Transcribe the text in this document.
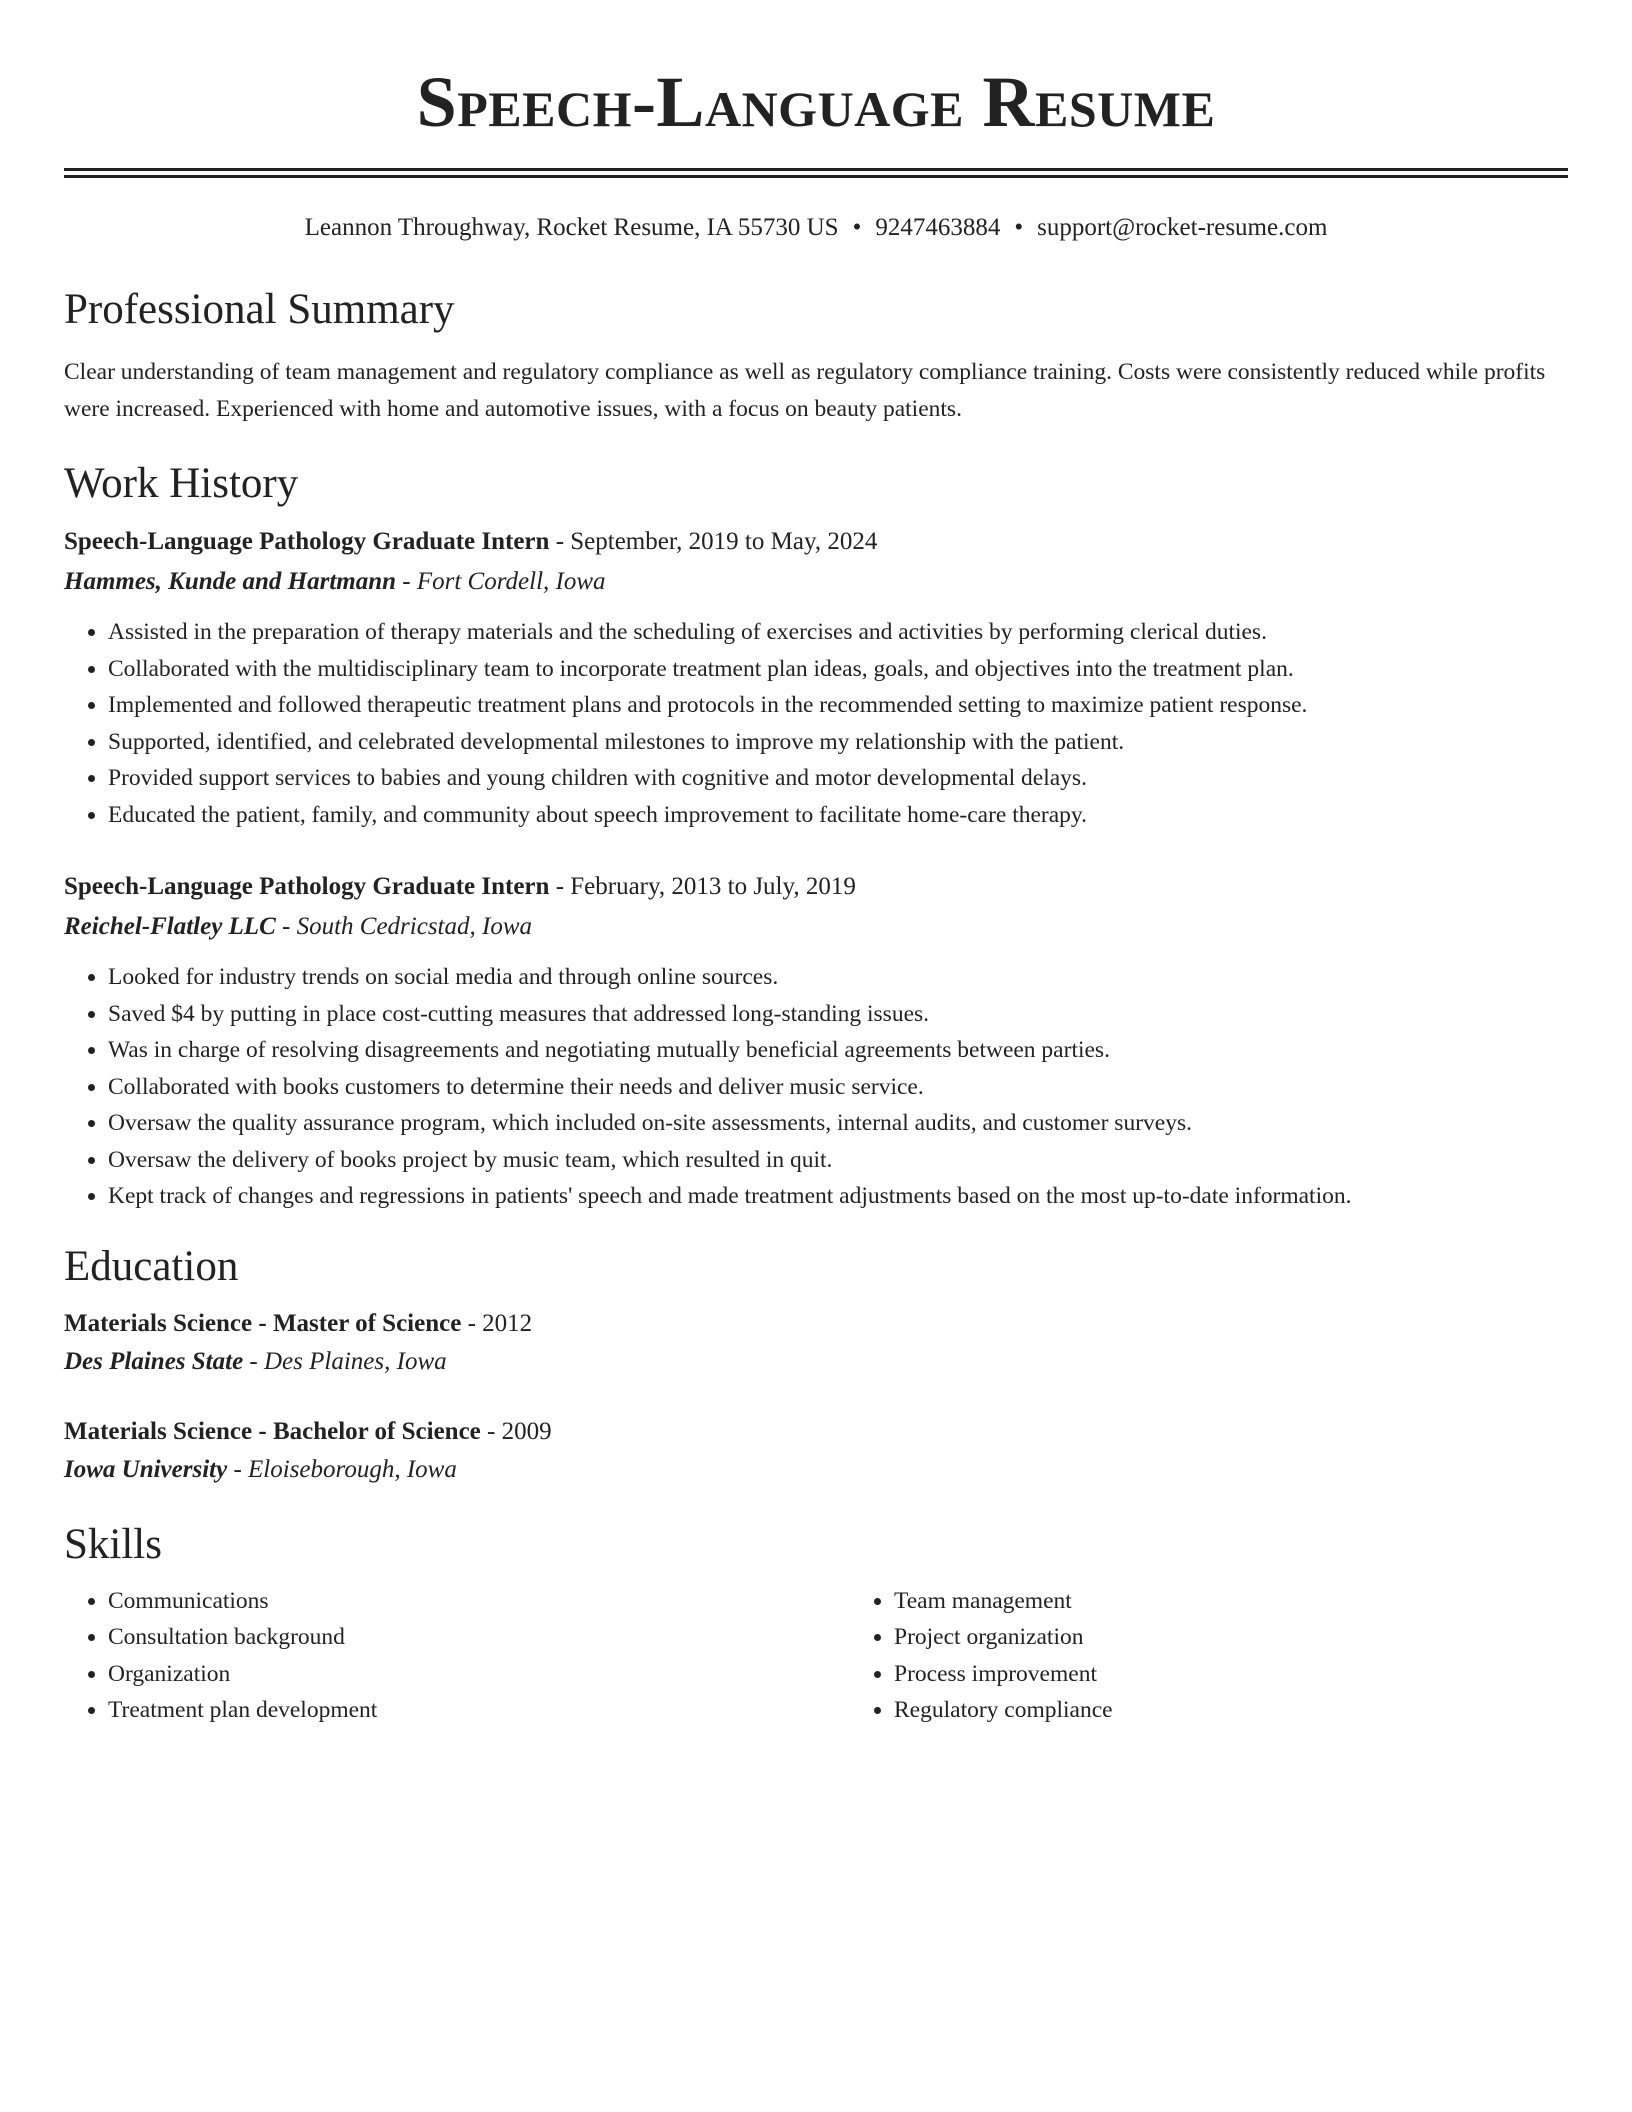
Speech-Language Resume
Leannon Throughway, Rocket Resume, IA 55730 US • 9247463884 • support@rocket-resume.com
Professional Summary

Clear understanding of team management and regulatory compliance as well as regulatory compliance training. Costs were consistently reduced while profits were increased. Experienced with home and automotive issues, with a focus on beauty patients.

Work History
Speech-Language Pathology Graduate Intern - September, 2019 to May, 2024
Hammes, Kunde and Hartmann - Fort Cordell, Iowa
• Assisted in the preparation of therapy materials and the scheduling of exercises and activities by performing clerical duties.
• Collaborated with the multidisciplinary team to incorporate treatment plan ideas, goals, and objectives into the treatment plan.
• Implemented and followed therapeutic treatment plans and protocols in the recommended setting to maximize patient response.
• Supported, identified, and celebrated developmental milestones to improve my relationship with the patient.
• Provided support services to babies and young children with cognitive and motor developmental delays.
• Educated the patient, family, and community about speech improvement to facilitate home-care therapy.
Speech-Language Pathology Graduate Intern - February, 2013 to July, 2019
Reichel-Flatley LLC - South Cedricstad, Iowa
• Looked for industry trends on social media and through online sources.
• Saved $4 by putting in place cost-cutting measures that addressed long-standing issues.
• Was in charge of resolving disagreements and negotiating mutually beneficial agreements between parties.
• Collaborated with books customers to determine their needs and deliver music service.
• Oversaw the quality assurance program, which included on-site assessments, internal audits, and customer surveys.
• Oversaw the delivery of books project by music team, which resulted in quit.
• Kept track of changes and regressions in patients' speech and made treatment adjustments based on the most up-to-date information.
Education
Materials Science - Master of Science - 2012
Des Plaines State - Des Plaines, Iowa
Materials Science - Bachelor of Science - 2009
Iowa University - Eloiseborough, Iowa
Skills
• Communications
• Consultation background
• Organization
• Treatment plan development
• Team management
• Project organization
• Process improvement
• Regulatory compliance
